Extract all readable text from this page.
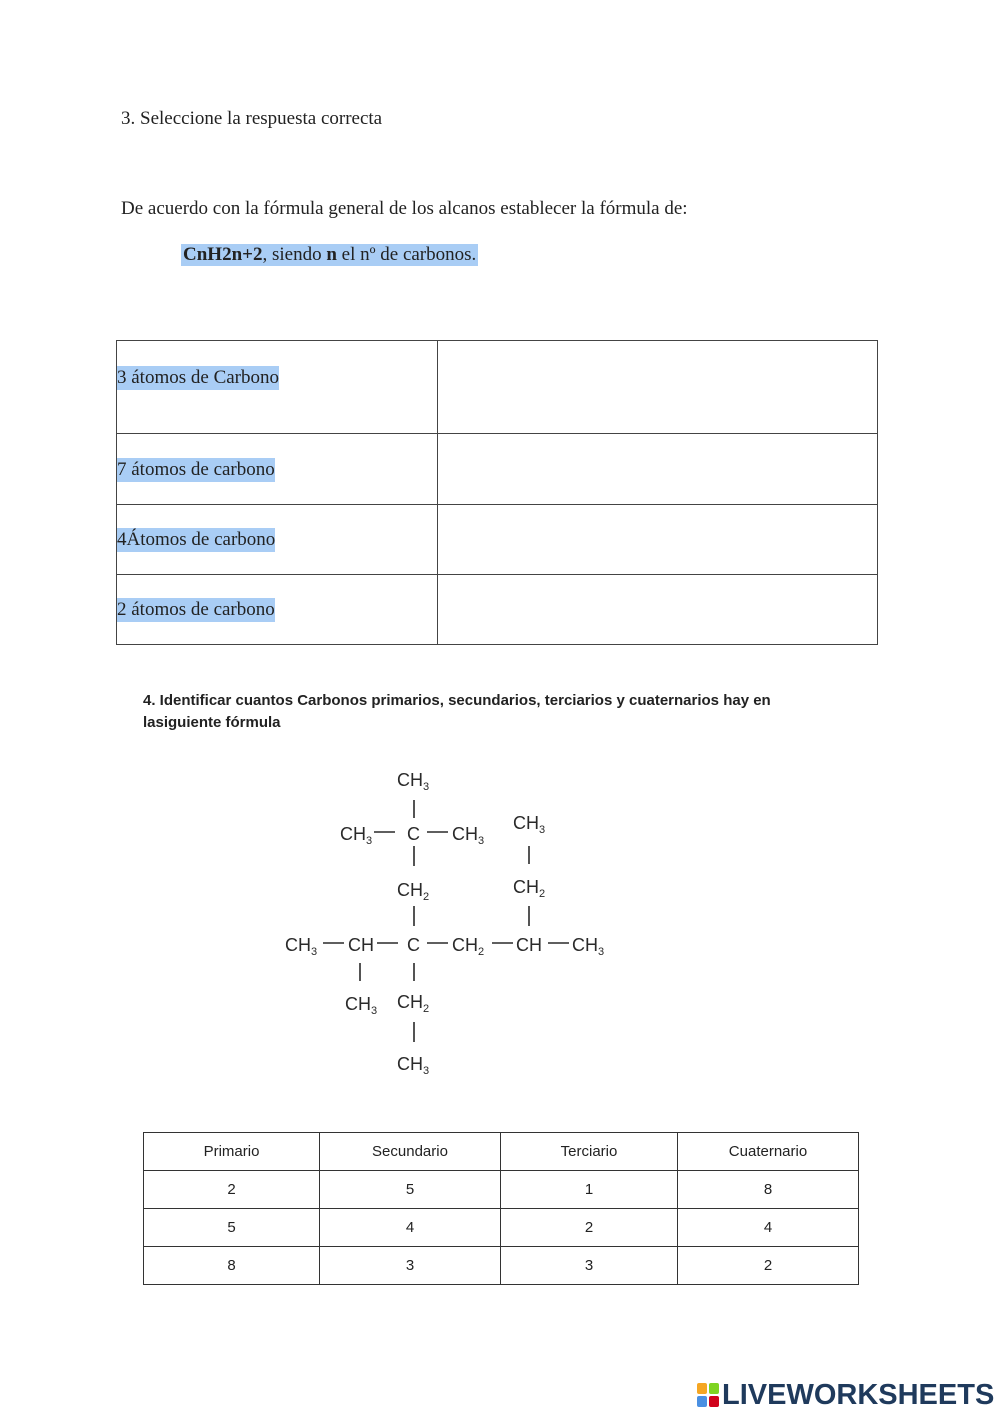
3. Seleccione la respuesta correcta
De acuerdo con la fórmula general de los alcanos establecer la fórmula de:
CnH2n+2, siendo n el nº de carbonos.
3 átomos de Carbono	
7 átomos de carbono	
4Átomos de carbono	
2 átomos de carbono	
4. Identificar cuantos Carbonos primarios, secundarios, terciarios y cuaternarios hay en lasiguiente fórmula
$CH_3$
$CH_3$ C $CH_3$
$CH_3$
$CH_2$	$CH_2$
$CH_3$ CH C $CH_2$ CH $CH_3$
$CH_3$ $CH_2$
$CH_3$
Primario	Secundario	Terciario	Cuaternario
2	5	1	8
5	4	2	4
8	3	3	2
LIVEWORKSHEETS
